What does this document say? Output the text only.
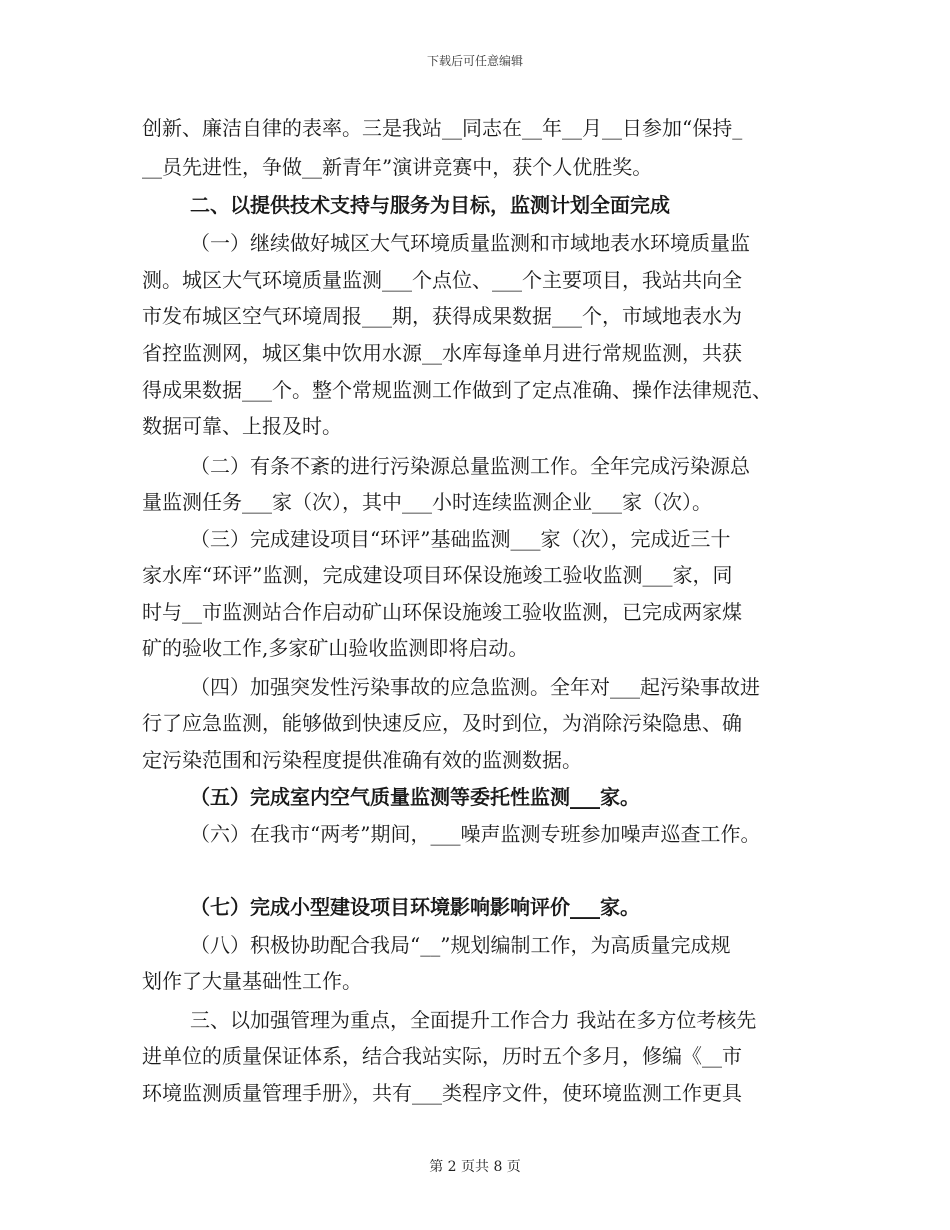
下载后可任意编辑
创新、廉洁自律的表率。三是我站__同志在__年__月__日参加“保持_
__员先进性，争做__新青年”演讲竞赛中，获个人优胜奖。
二、以提供技术支持与服务为目标，监测计划全面完成
（一）继续做好城区大气环境质量监测和市域地表水环境质量监
测。城区大气环境质量监测___个点位、___个主要项目，我站共向全
市发布城区空气环境周报___期，获得成果数据___个，市域地表水为
省控监测网，城区集中饮用水源__水库每逢单月进行常规监测，共获
得成果数据___个。整个常规监测工作做到了定点准确、操作法律规范、
数据可靠、上报及时。
（二）有条不紊的进行污染源总量监测工作。全年完成污染源总
量监测任务___家（次），其中___小时连续监测企业___家（次）。
（三）完成建设项目“环评”基础监测___家（次），完成近三十
家水库“环评”监测，完成建设项目环保设施竣工验收监测___家，同
时与__市监测站合作启动矿山环保设施竣工验收监测，已完成两家煤
矿的验收工作,多家矿山验收监测即将启动。
（四）加强突发性污染事故的应急监测。全年对___起污染事故进
行了应急监测，能够做到快速反应，及时到位，为消除污染隐患、确
定污染范围和污染程度提供准确有效的监测数据。
（五）完成室内空气质量监测等委托性监测___家。
（六）在我市“两考”期间，___噪声监测专班参加噪声巡查工作。
（七）完成小型建设项目环境影响影响评价___家。
（八）积极协助配合我局“__”规划编制工作，为高质量完成规
划作了大量基础性工作。
三、以加强管理为重点，全面提升工作合力 我站在多方位考核先
进单位的质量保证体系，结合我站实际，历时五个多月，修编《__市
环境监测质量管理手册》，共有___类程序文件，使环境监测工作更具
第 2 页共 8 页
